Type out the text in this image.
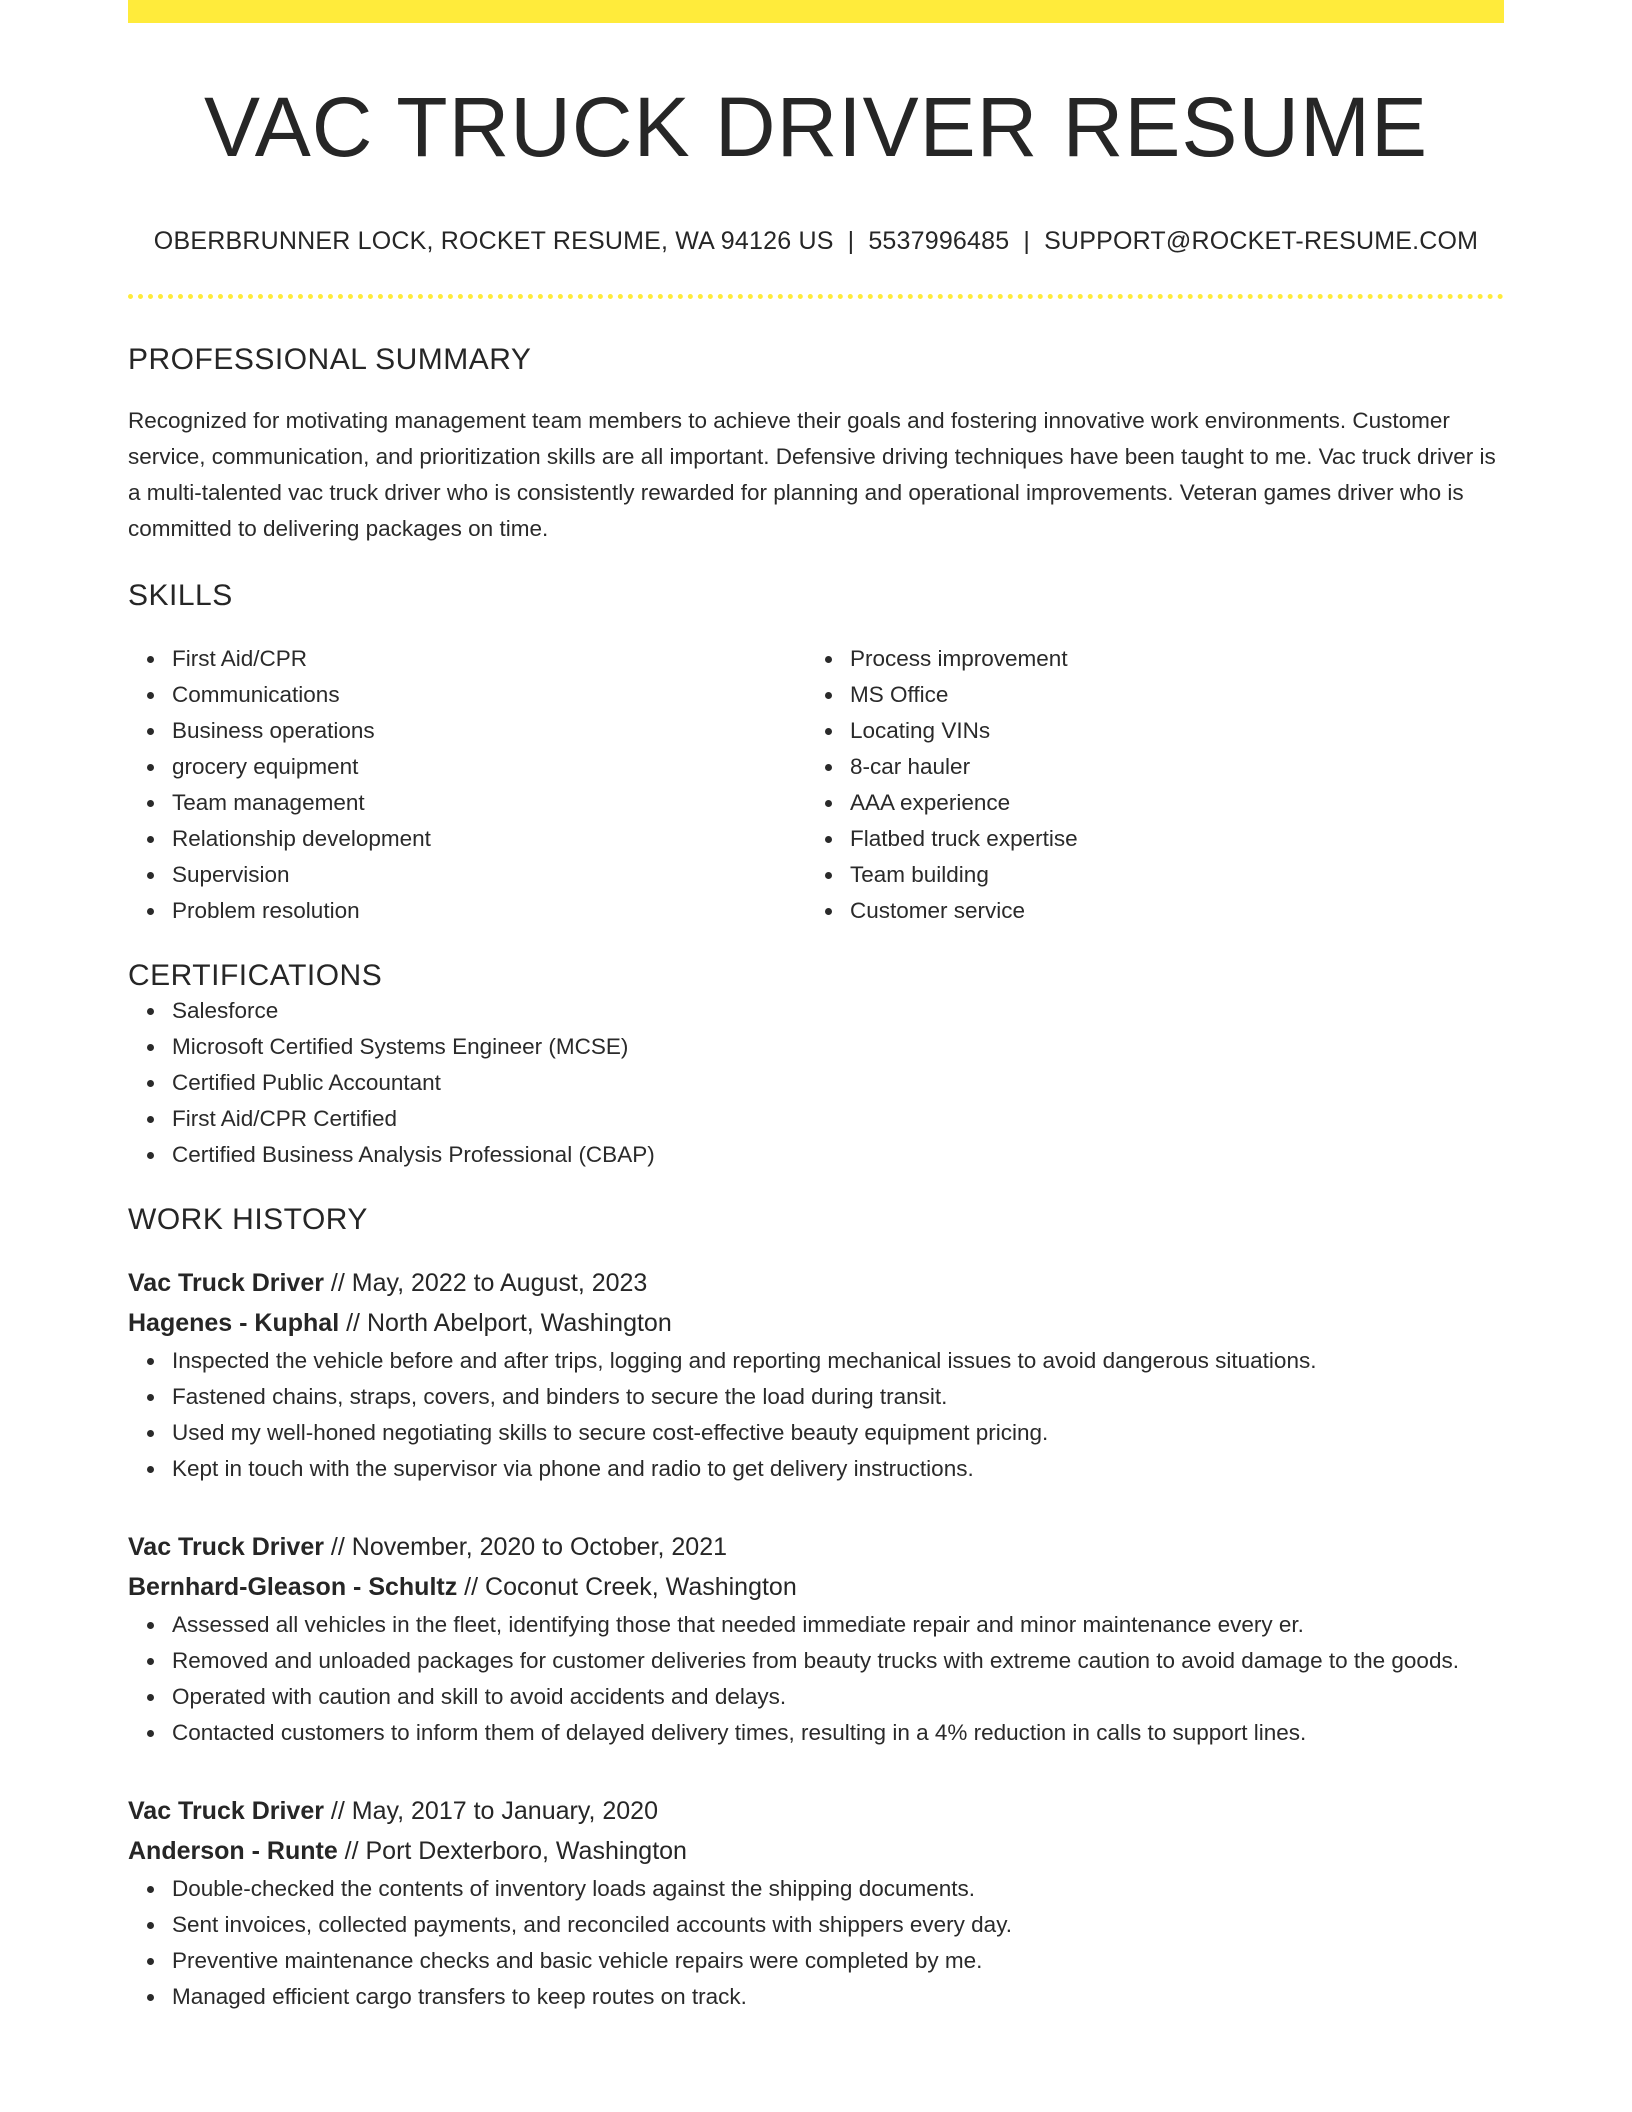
VAC TRUCK DRIVER RESUME
OBERBRUNNER LOCK, ROCKET RESUME, WA 94126 US | 5537996485 | SUPPORT@ROCKET-RESUME.COM
PROFESSIONAL SUMMARY

Recognized for motivating management team members to achieve their goals and fostering innovative work environments. Customer service, communication, and prioritization skills are all important. Defensive driving techniques have been taught to me. Vac truck driver is a multi-talented vac truck driver who is consistently rewarded for planning and operational improvements. Veteran games driver who is committed to delivering packages on time.

SKILLS
First Aid/CPR
Communications
Business operations
grocery equipment
Team management
Relationship development
Supervision
Problem resolution
Process improvement
MS Office
Locating VINs
8-car hauler
AAA experience
Flatbed truck expertise
Team building
Customer service
CERTIFICATIONS
Salesforce
Microsoft Certified Systems Engineer (MCSE)
Certified Public Accountant
First Aid/CPR Certified
Certified Business Analysis Professional (CBAP)
WORK HISTORY
Vac Truck Driver // May, 2022 to August, 2023
Hagenes - Kuphal // North Abelport, Washington
Inspected the vehicle before and after trips, logging and reporting mechanical issues to avoid dangerous situations.
Fastened chains, straps, covers, and binders to secure the load during transit.
Used my well-honed negotiating skills to secure cost-effective beauty equipment pricing.
Kept in touch with the supervisor via phone and radio to get delivery instructions.
Vac Truck Driver // November, 2020 to October, 2021
Bernhard-Gleason - Schultz // Coconut Creek, Washington
Assessed all vehicles in the fleet, identifying those that needed immediate repair and minor maintenance every er.
Removed and unloaded packages for customer deliveries from beauty trucks with extreme caution to avoid damage to the goods.
Operated with caution and skill to avoid accidents and delays.
Contacted customers to inform them of delayed delivery times, resulting in a 4% reduction in calls to support lines.
Vac Truck Driver // May, 2017 to January, 2020
Anderson - Runte // Port Dexterboro, Washington
Double-checked the contents of inventory loads against the shipping documents.
Sent invoices, collected payments, and reconciled accounts with shippers every day.
Preventive maintenance checks and basic vehicle repairs were completed by me.
Managed efficient cargo transfers to keep routes on track.
